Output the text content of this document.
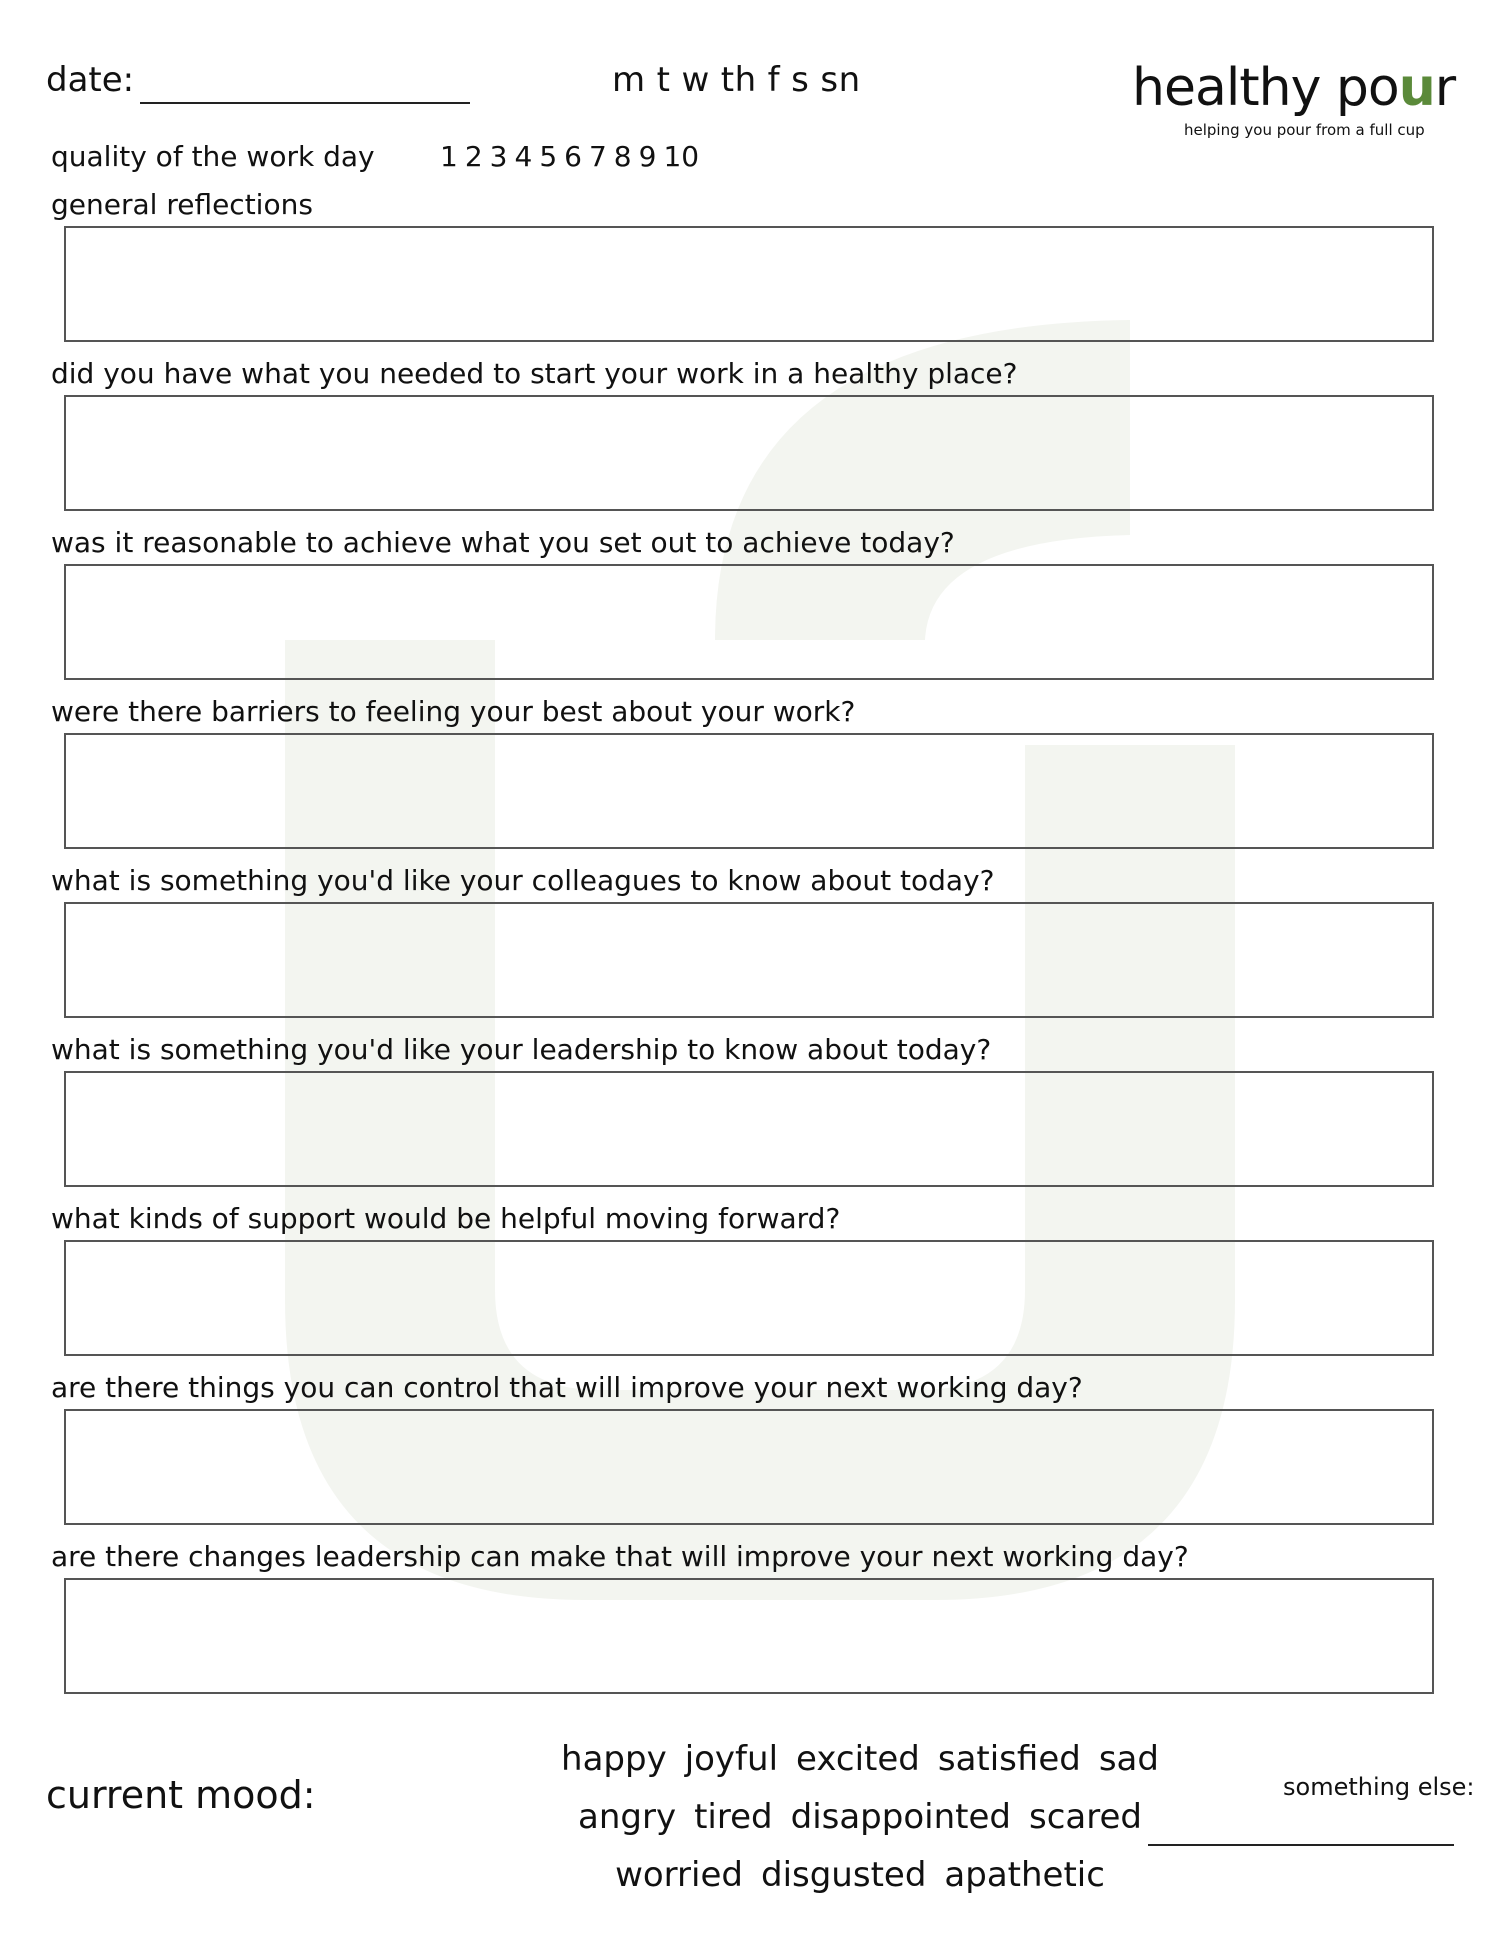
date:	m t w th f s sn	healthy pour
helping you pour from a full cup
quality of the work day 1 2 3 4 5 6 7 8 9 10
general reflections
did you have what you needed to start your work in a healthy place?
was it reasonable to achieve what you set out to achieve today?
were there barriers to feeling your best about your work?
what is something you'd like your colleagues to know about today?
what is something you'd like your leadership to know about today?
what kinds of support would be helpful moving forward?
are there things you can control that will improve your next working day?
are there changes leadership can make that will improve your next working day?
current mood:
happy joyful excited satisfied sad
angry tired disappointed scared
worried disgusted apathetic
something else:
